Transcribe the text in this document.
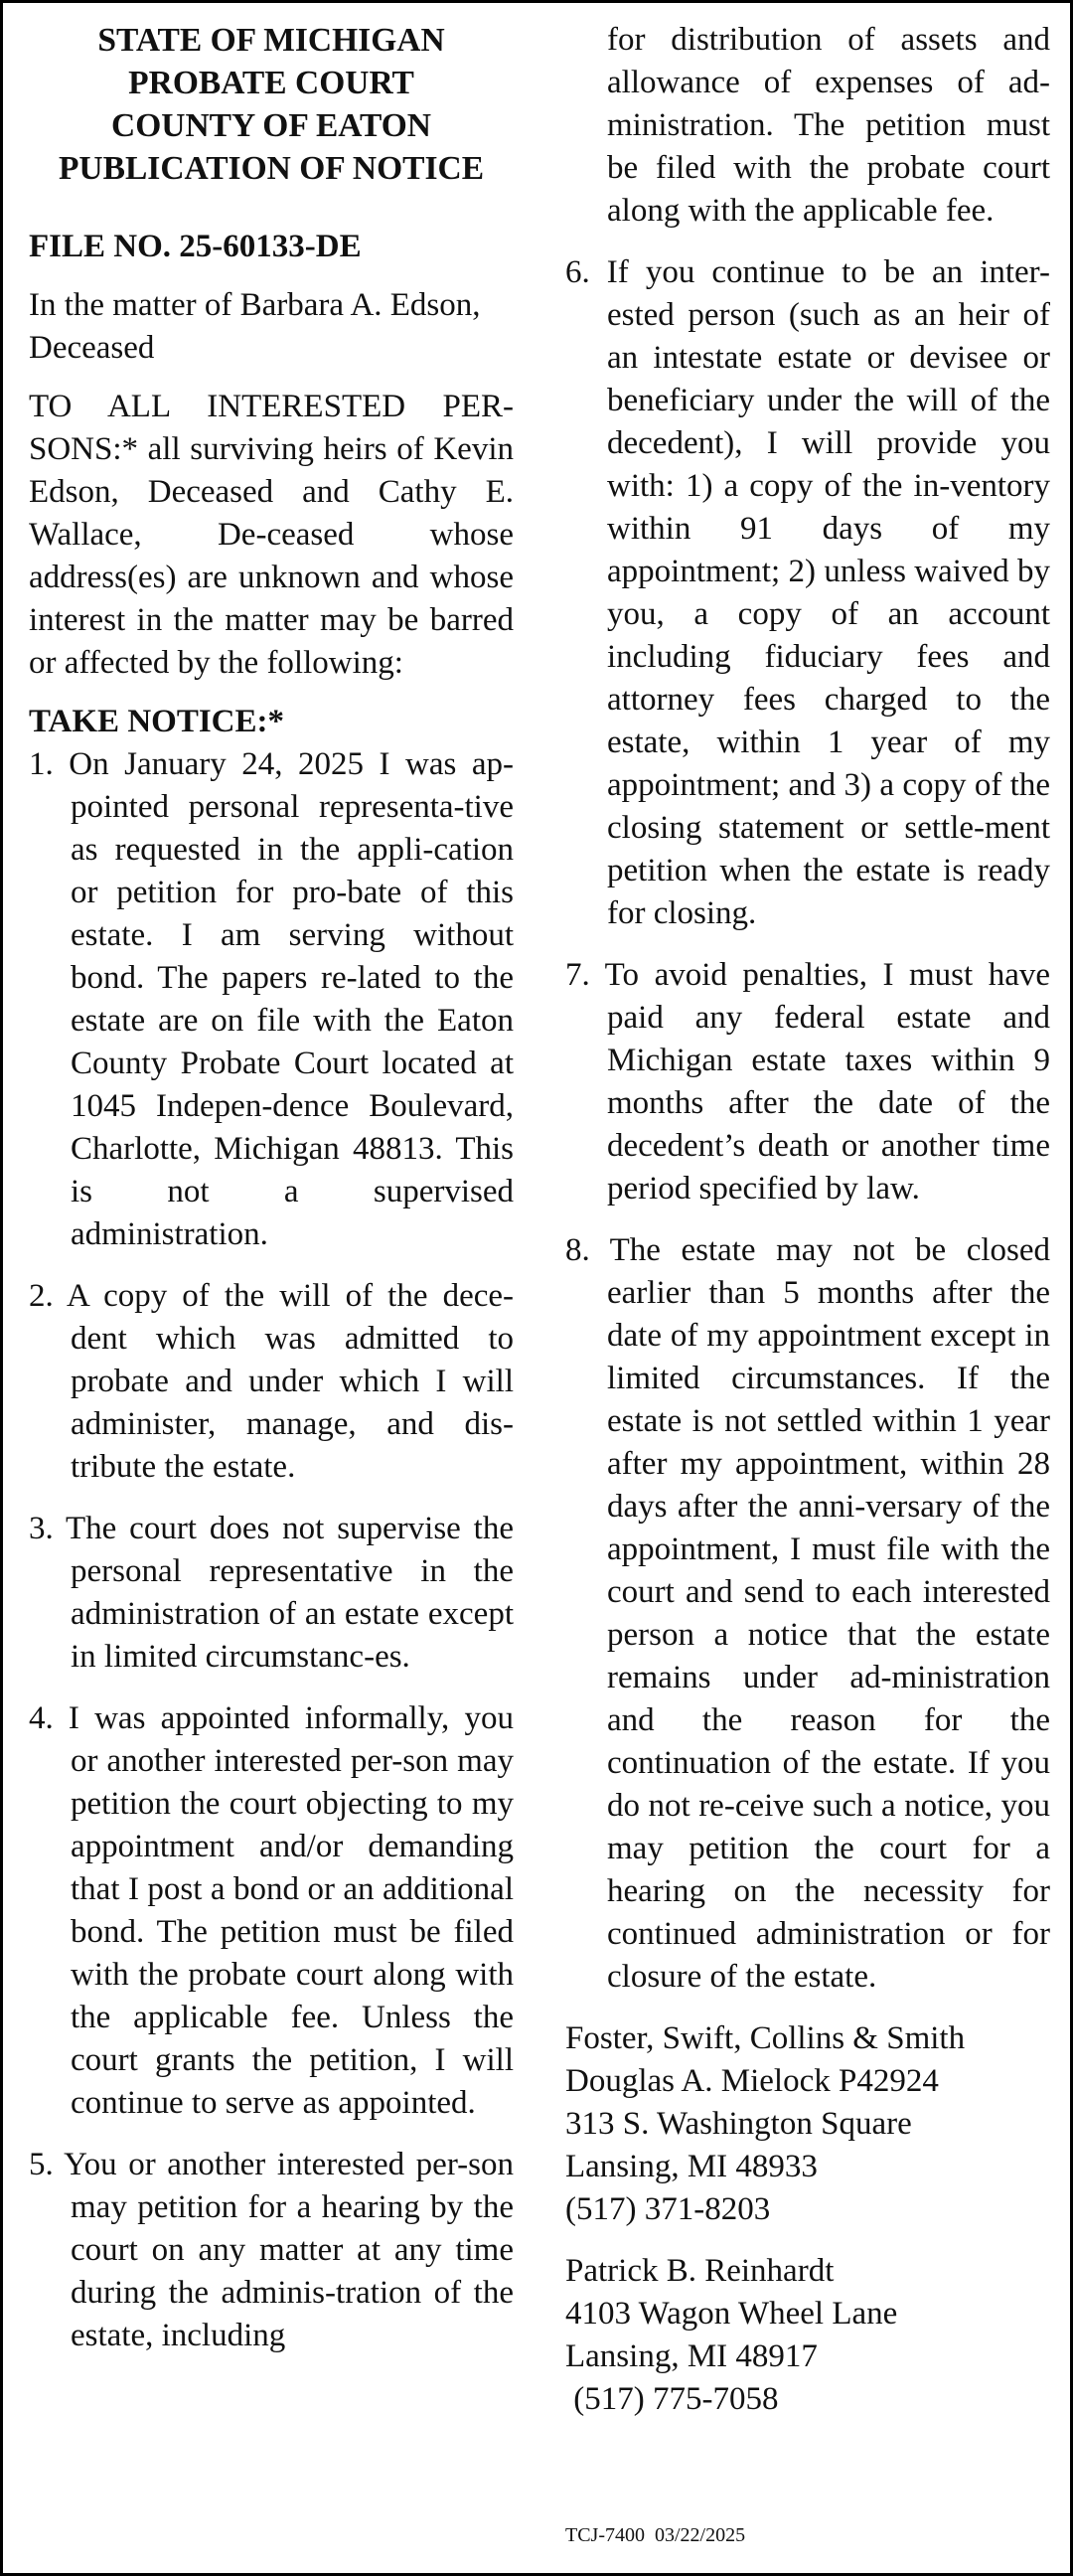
STATE OF MICHIGAN
PROBATE COURT
COUNTY OF EATON
PUBLICATION OF NOTICE

FILE NO. 25-60133-DE

In the matter of Barbara A. Edson, Deceased

TO ALL INTERESTED PER-SONS:* all surviving heirs of Kevin Edson, Deceased and Cathy E. Wallace, De-ceased whose address(es) are unknown and whose interest in the matter may be barred or affected by the following:

TAKE NOTICE:*

1. On January 24, 2025 I was ap-pointed personal representa-tive as requested in the appli-cation or petition for pro-bate of this estate. I am serving without bond. The papers re-lated to the estate are on file with the Eaton County Probate Court located at 1045 Indepen-dence Boulevard, Charlotte, Michigan 48813. This is not a supervised administration.

2. A copy of the will of the dece-dent which was admitted to probate and under which I will administer, manage, and dis-tribute the estate.

3. The court does not supervise the personal representative in the administration of an estate except in limited circumstanc-es.

4. I was appointed informally, you or another interested per-son may petition the court objecting to my appointment and/or demanding that I post a bond or an additional bond. The petition must be filed with the probate court along with the applicable fee. Unless the court grants the petition, I will continue to serve as appointed.

5. You or another interested per-son may petition for a hearing by the court on any matter at any time during the adminis-tration of the estate, including

for distribution of assets and allowance of expenses of ad-ministration. The petition must be filed with the probate court along with the applicable fee.

6. If you continue to be an inter-ested person (such as an heir of an intestate estate or devisee or beneficiary under the will of the decedent), I will provide you with: 1) a copy of the in-ventory within 91 days of my appointment; 2) unless waived by you, a copy of an account including fiduciary fees and attorney fees charged to the estate, within 1 year of my appointment; and 3) a copy of the closing statement or settle-ment petition when the estate is ready for closing.

7. To avoid penalties, I must have paid any federal estate and Michigan estate taxes within 9 months after the date of the decedent’s death or another time period specified by law.

8. The estate may not be closed earlier than 5 months after the date of my appointment except in limited circumstances. If the estate is not settled within 1 year after my appointment, within 28 days after the anni-versary of the appointment, I must file with the court and send to each interested person a notice that the estate remains under ad-ministration and the reason for the continuation of the estate. If you do not re-ceive such a notice, you may petition the court for a hearing on the necessity for continued administration or for closure of the estate.

Foster, Swift, Collins & Smith

Douglas A. Mielock P42924

313 S. Washington Square

Lansing, MI 48933

(517) 371-8203

Patrick B. Reinhardt

4103 Wagon Wheel Lane

Lansing, MI 48917

(517) 775-7058

TCJ-7400  03/22/2025
